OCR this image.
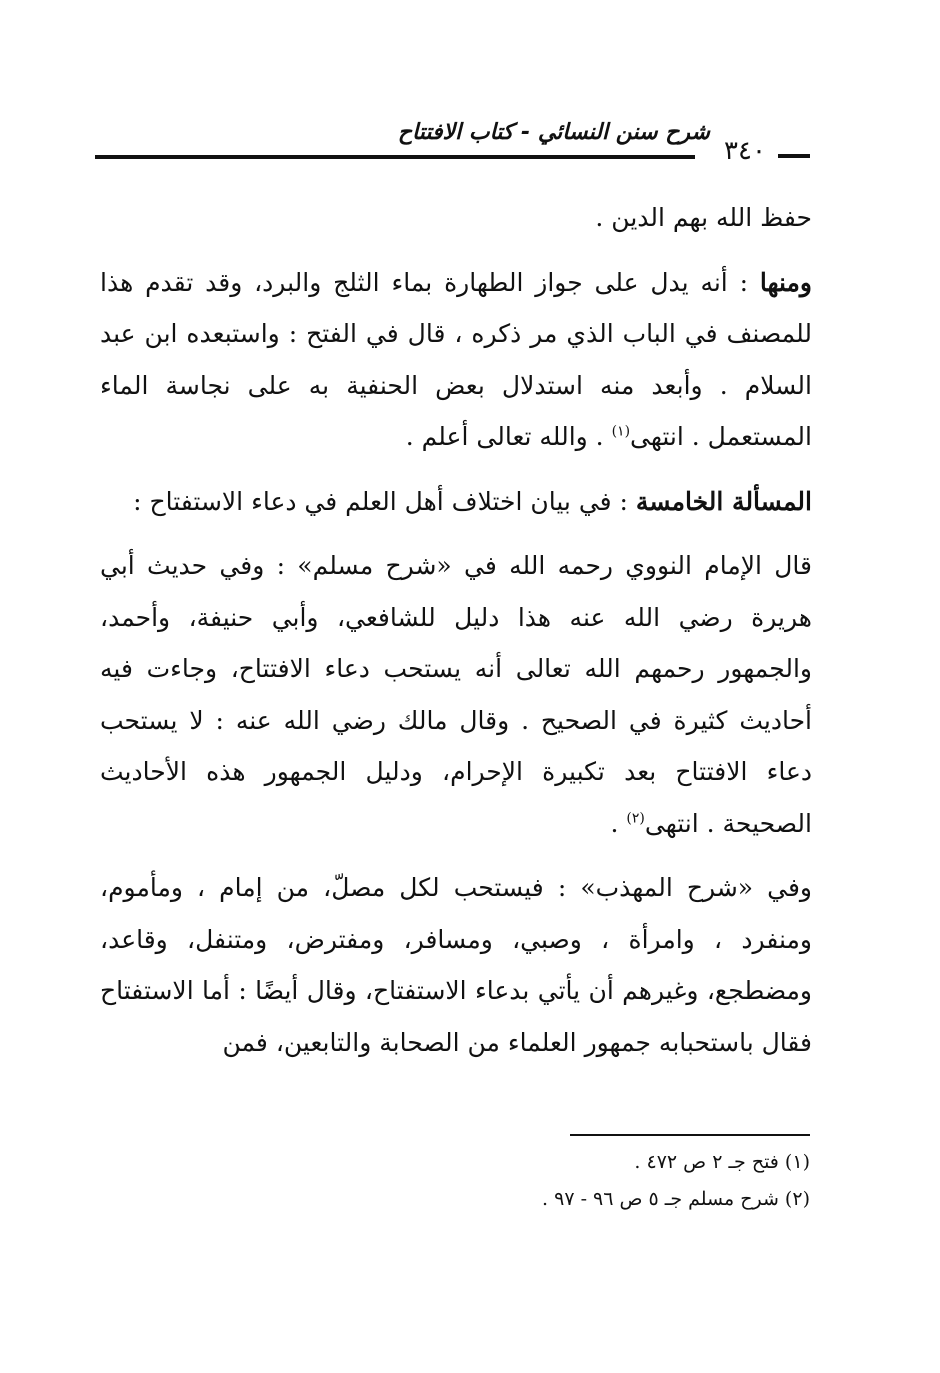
شرح سنن النسائي - كتاب الافتتاح
٣٤٠

حفظ الله بهم الدين .

ومنها : أنه يدل على جواز الطهارة بماء الثلج والبرد، وقد تقدم هذا للمصنف في الباب الذي مر ذكره ، قال في الفتح : واستبعده ابن عبد السلام . وأبعد منه استدلال بعض الحنفية به على نجاسة الماء المستعمل . انتهى$^{(١)}$ . والله تعالى أعلم .

المسألة الخامسة : في بيان اختلاف أهل العلم في دعاء الاستفتاح :

قال الإمام النووي رحمه الله في «شرح مسلم» : وفي حديث أبي هريرة رضي الله عنه هذا دليل للشافعي، وأبي حنيفة، وأحمد، والجمهور رحمهم الله تعالى أنه يستحب دعاء الافتتاح، وجاءت فيه أحاديث كثيرة في الصحيح . وقال مالك رضي الله عنه : لا يستحب دعاء الافتتاح بعد تكبيرة الإحرام، ودليل الجمهور هذه الأحاديث الصحيحة . انتهى$^{(٢)}$ .

وفي «شرح المهذب» : فيستحب لكل مصلّ، من إمام ، ومأموم، ومنفرد ، وامرأة ، وصبي، ومسافر، ومفترض، ومتنفل، وقاعد، ومضطجع، وغيرهم أن يأتي بدعاء الاستفتاح، وقال أيضًا : أما الاستفتاح فقال باستحبابه جمهور العلماء من الصحابة والتابعين، فمن

(١) فتح جـ ٢ ص ٤٧٢ .

(٢) شرح مسلم جـ ٥ ص ٩٦ - ٩٧ .
